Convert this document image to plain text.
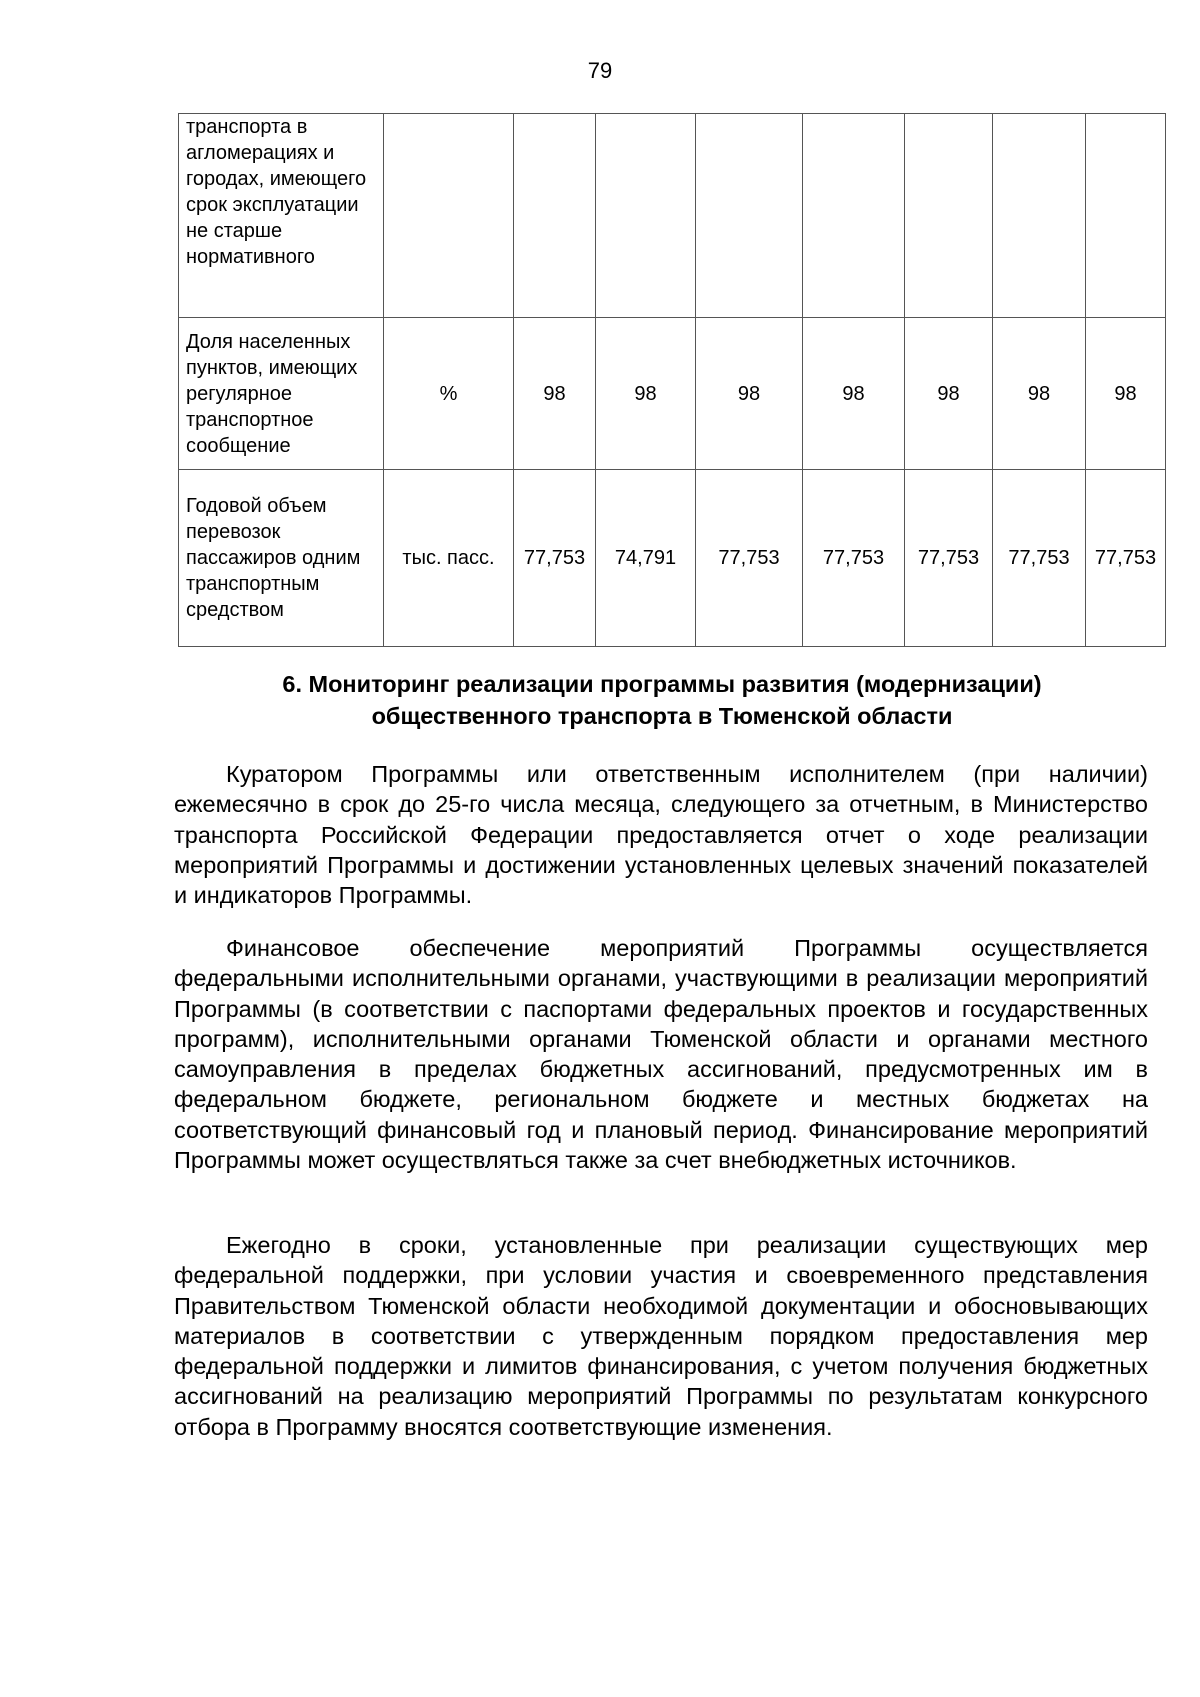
79
транспорта в агломерациях и городах, имеющего срок эксплуатации не старше нормативного								
Доля населенных пунктов, имеющих регулярное транспортное сообщение	%	98	98	98	98	98	98	98
Годовой объем перевозок пассажиров одним транспортным средством	тыс. пасс.	77,753	74,791	77,753	77,753	77,753	77,753	77,753
6. Мониторинг реализации программы развития (модернизации)
общественного транспорта в Тюменской области

Куратором Программы или ответственным исполнителем (при наличии) ежемесячно в срок до 25-го числа месяца, следующего за отчетным, в Министерство транспорта Российской Федерации предоставляется отчет о ходе реализации мероприятий Программы и достижении установленных целевых значений показателей и индикаторов Программы.

Финансовое обеспечение мероприятий Программы осуществляется федеральными исполнительными органами, участвующими в реализации мероприятий Программы (в соответствии с паспортами федеральных проектов и государственных программ), исполнительными органами Тюменской области и органами местного самоуправления в пределах бюджетных ассигнований, предусмотренных им в федеральном бюджете, региональном бюджете и местных бюджетах на соответствующий финансовый год и плановый период. Финансирование мероприятий Программы может осуществляться также за счет внебюджетных источников.

Ежегодно в сроки, установленные при реализации существующих мер федеральной поддержки, при условии участия и своевременного представления Правительством Тюменской области необходимой документации и обосновывающих материалов в соответствии с утвержденным порядком предоставления мер федеральной поддержки и лимитов финансирования, с учетом получения бюджетных ассигнований на реализацию мероприятий Программы по результатам конкурсного отбора в Программу вносятся соответствующие изменения.
